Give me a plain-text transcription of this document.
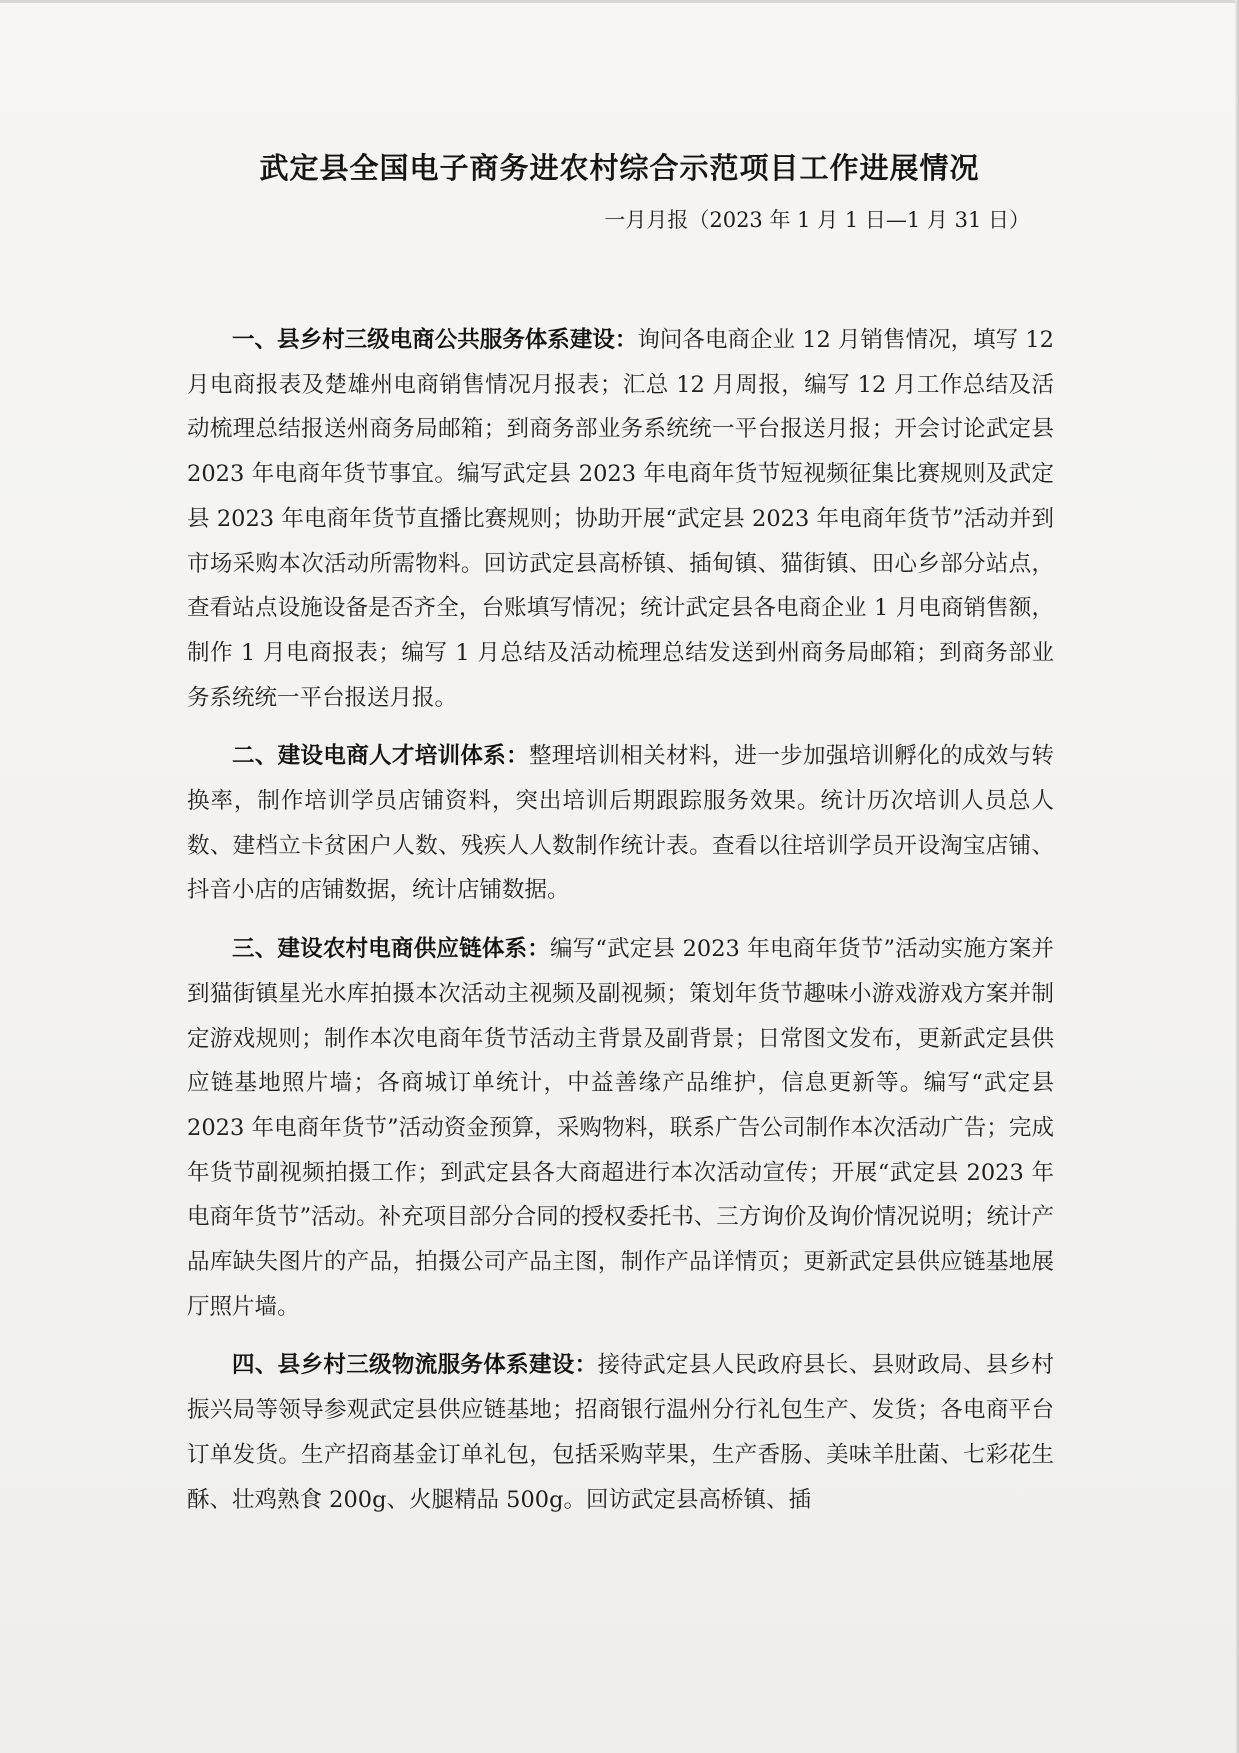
武定县全国电子商务进农村综合示范项目工作进展情况
一月月报（2023 年 1 月 1 日—1 月 31 日）

一、县乡村三级电商公共服务体系建设：询问各电商企业 12 月销售情况，填写 12 月电商报表及楚雄州电商销售情况月报表；汇总 12 月周报，编写 12 月工作总结及活动梳理总结报送州商务局邮箱；到商务部业务系统统一平台报送月报；开会讨论武定县 2023 年电商年货节事宜。编写武定县 2023 年电商年货节短视频征集比赛规则及武定县 2023 年电商年货节直播比赛规则；协助开展“武定县 2023 年电商年货节”活动并到市场采购本次活动所需物料。回访武定县高桥镇、插甸镇、猫街镇、田心乡部分站点，查看站点设施设备是否齐全，台账填写情况；统计武定县各电商企业 1 月电商销售额，制作 1 月电商报表；编写 1 月总结及活动梳理总结发送到州商务局邮箱；到商务部业务系统统一平台报送月报。

二、建设电商人才培训体系：整理培训相关材料，进一步加强培训孵化的成效与转换率，制作培训学员店铺资料，突出培训后期跟踪服务效果。统计历次培训人员总人数、建档立卡贫困户人数、残疾人人数制作统计表。查看以往培训学员开设淘宝店铺、抖音小店的店铺数据，统计店铺数据。

三、建设农村电商供应链体系：编写“武定县 2023 年电商年货节”活动实施方案并到猫街镇星光水库拍摄本次活动主视频及副视频；策划年货节趣味小游戏游戏方案并制定游戏规则；制作本次电商年货节活动主背景及副背景；日常图文发布，更新武定县供应链基地照片墙；各商城订单统计，中益善缘产品维护，信息更新等。编写“武定县 2023 年电商年货节”活动资金预算，采购物料，联系广告公司制作本次活动广告；完成年货节副视频拍摄工作；到武定县各大商超进行本次活动宣传；开展“武定县 2023 年电商年货节”活动。补充项目部分合同的授权委托书、三方询价及询价情况说明；统计产品库缺失图片的产品，拍摄公司产品主图，制作产品详情页；更新武定县供应链基地展厅照片墙。

四、县乡村三级物流服务体系建设：接待武定县人民政府县长、县财政局、县乡村振兴局等领导参观武定县供应链基地；招商银行温州分行礼包生产、发货；各电商平台订单发货。生产招商基金订单礼包，包括采购苹果，生产香肠、美味羊肚菌、七彩花生酥、壮鸡熟食 200g、火腿精品 500g。回访武定县高桥镇、插
